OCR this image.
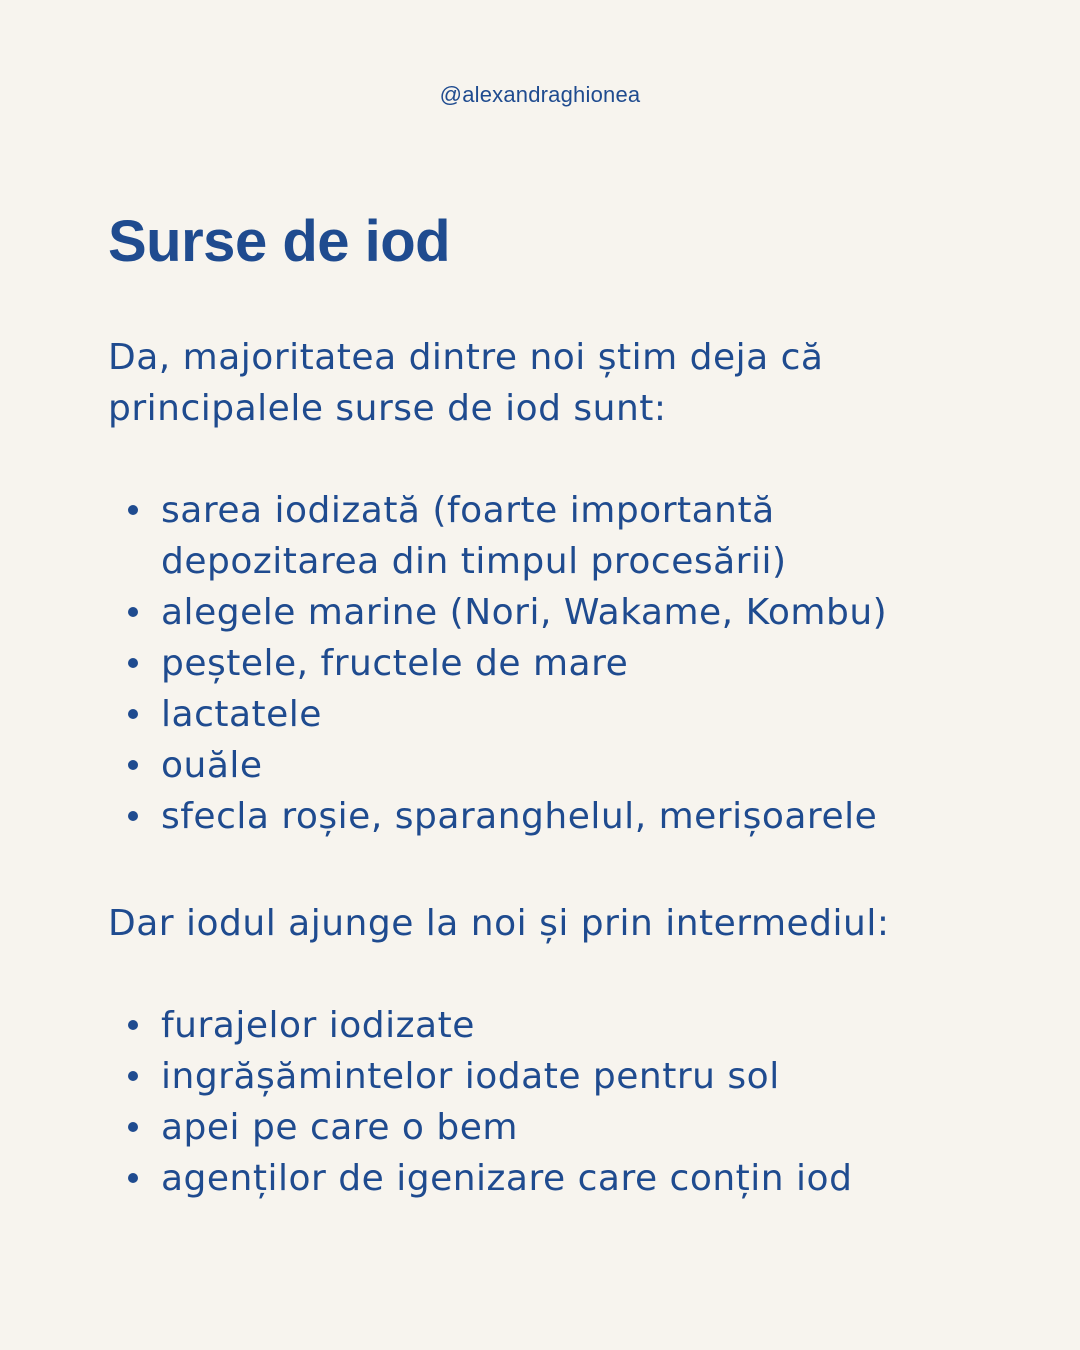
@alexandraghionea
Surse de iod

Da, majoritatea dintre noi știm deja că principalele surse de iod sunt:

sarea iodizată (foarte importantă depozitarea din timpul procesării)
alegele marine (Nori, Wakame, Kombu)
peștele, fructele de mare
lactatele
ouăle
sfecla roșie, sparanghelul, merișoarele

Dar iodul ajunge la noi și prin intermediul:

furajelor iodizate
ingrășămintelor iodate pentru sol
apei pe care o bem
agenților de igenizare care conțin iod
